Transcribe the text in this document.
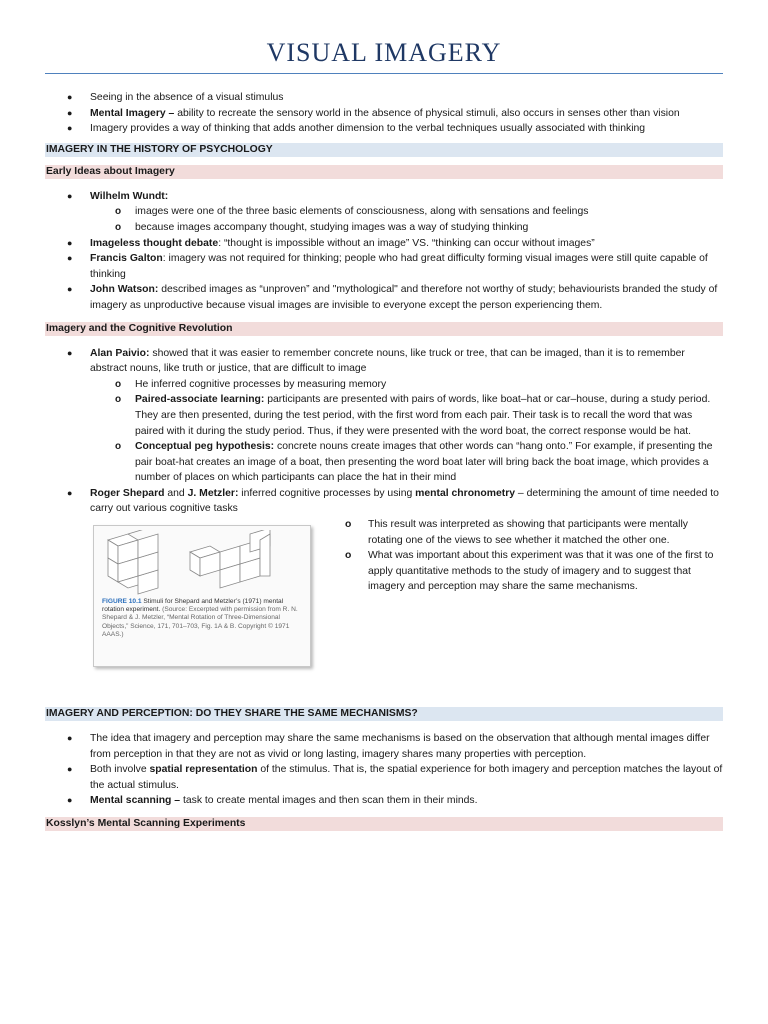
VISUAL IMAGERY
● Seeing in the absence of a visual stimulus
● Mental Imagery – ability to recreate the sensory world in the absence of physical stimuli, also occurs in senses other than vision
● Imagery provides a way of thinking that adds another dimension to the verbal techniques usually associated with thinking
IMAGERY IN THE HISTORY OF PSYCHOLOGY
Early Ideas about Imagery
● Wilhelm Wundt:
o images were one of the three basic elements of consciousness, along with sensations and feelings
o because images accompany thought, studying images was a way of studying thinking
● Imageless thought debate: “thought is impossible without an image” VS. “thinking can occur without images”
● Francis Galton: imagery was not required for thinking; people who had great difficulty forming visual images were still quite capable of thinking
● John Watson: described images as “unproven” and "mythological" and therefore not worthy of study; behaviourists branded the study of imagery as unproductive because visual images are invisible to everyone except the person experiencing them.
Imagery and the Cognitive Revolution
● Alan Paivio: showed that it was easier to remember concrete nouns, like truck or tree, that can be imaged, than it is to remember abstract nouns, like truth or justice, that are difficult to image
o He inferred cognitive processes by measuring memory
o Paired-associate learning: participants are presented with pairs of words, like boat–hat or car–house, during a study period. They are then presented, during the test period, with the first word from each pair. Their task is to recall the word that was paired with it during the study period. Thus, if they were presented with the word boat, the correct response would be hat.
o Conceptual peg hypothesis: concrete nouns create images that other words can “hang onto.” For example, if presenting the pair boat-hat creates an image of a boat, then presenting the word boat later will bring back the boat image, which provides a number of places on which participants can place the hat in their mind
● Roger Shepard and J. Metzler: inferred cognitive processes by using mental chronometry – determining the amount of time needed to carry out various cognitive tasks
FIGURE 10.1 Stimuli for Shepard and Metzler’s (1971) mental rotation experiment. (Source: Excerpted with permission from R. N. Shepard & J. Metzler, “Mental Rotation of Three-Dimensional Objects,” Science, 171, 701–703, Fig. 1A & B. Copyright © 1971 AAAS.)
o This result was interpreted as showing that participants were mentally rotating one of the views to see whether it matched the other one.
o What was important about this experiment was that it was one of the first to apply quantitative methods to the study of imagery and to suggest that imagery and perception may share the same mechanisms.
IMAGERY AND PERCEPTION: DO THEY SHARE THE SAME MECHANISMS?
● The idea that imagery and perception may share the same mechanisms is based on the observation that although mental images differ from perception in that they are not as vivid or long lasting, imagery shares many properties with perception.
● Both involve spatial representation of the stimulus. That is, the spatial experience for both imagery and perception matches the layout of the actual stimulus.
● Mental scanning – task to create mental images and then scan them in their minds.
Kosslyn’s Mental Scanning Experiments
